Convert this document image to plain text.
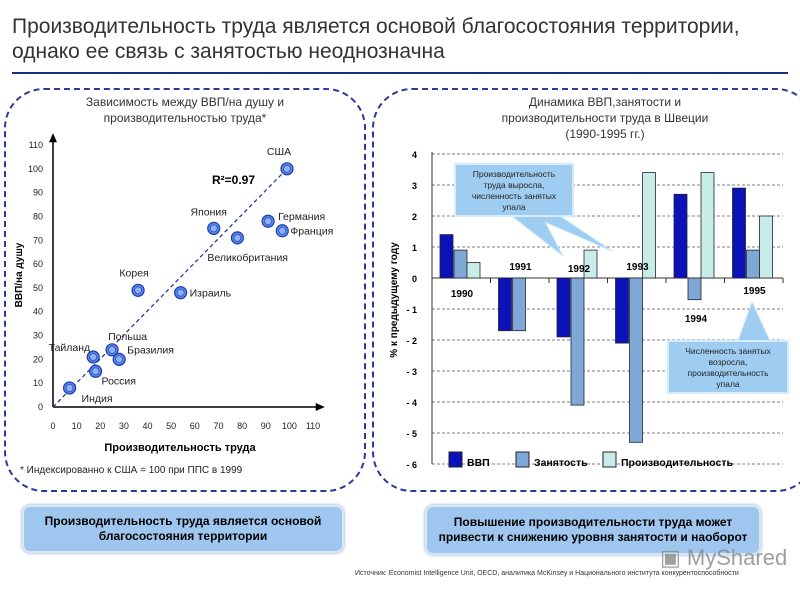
Производительность труда является основой благосостояния территории, однако ее связь с занятостью неоднозначна
Зависимость между ВВП/на душу и
производительностью труда*
Динамика ВВП,занятости и
производительности труда в Швеции
(1990-1995 гг.)
0
0
10
10
20
20
30
30
40
40
50
50
60
60
70
70
80
80
90
90
100
100
110
110
R²=0.97
Производительность труда
ВВП/на душу
Индия
Тайланд
Россия
Польша
Бразилия
Корея
Израиль
Япония
Великобритания
Германия
Франция
США	4
3
2
1
0
- 1
- 2
- 3
- 4
- 5
- 6
% к предыдущему году	1990
1991	1992	1993
1994
1995
ВВП	Занятость	Производительность
Производительность
труда выросла,
численность занятых
упала
Численность занятых
возросла,
производительность
упала
* Индексированно к США = 100 при ППС в 1999
Производительность труда является основой благосостояния территории
Повышение производительности труда может привести к снижению уровня занятости и наоборот
▣ MyShared
Источник: Economist Intelligence Unit, OECD, аналитика McKinsey и Национального института конкурентоспособности
